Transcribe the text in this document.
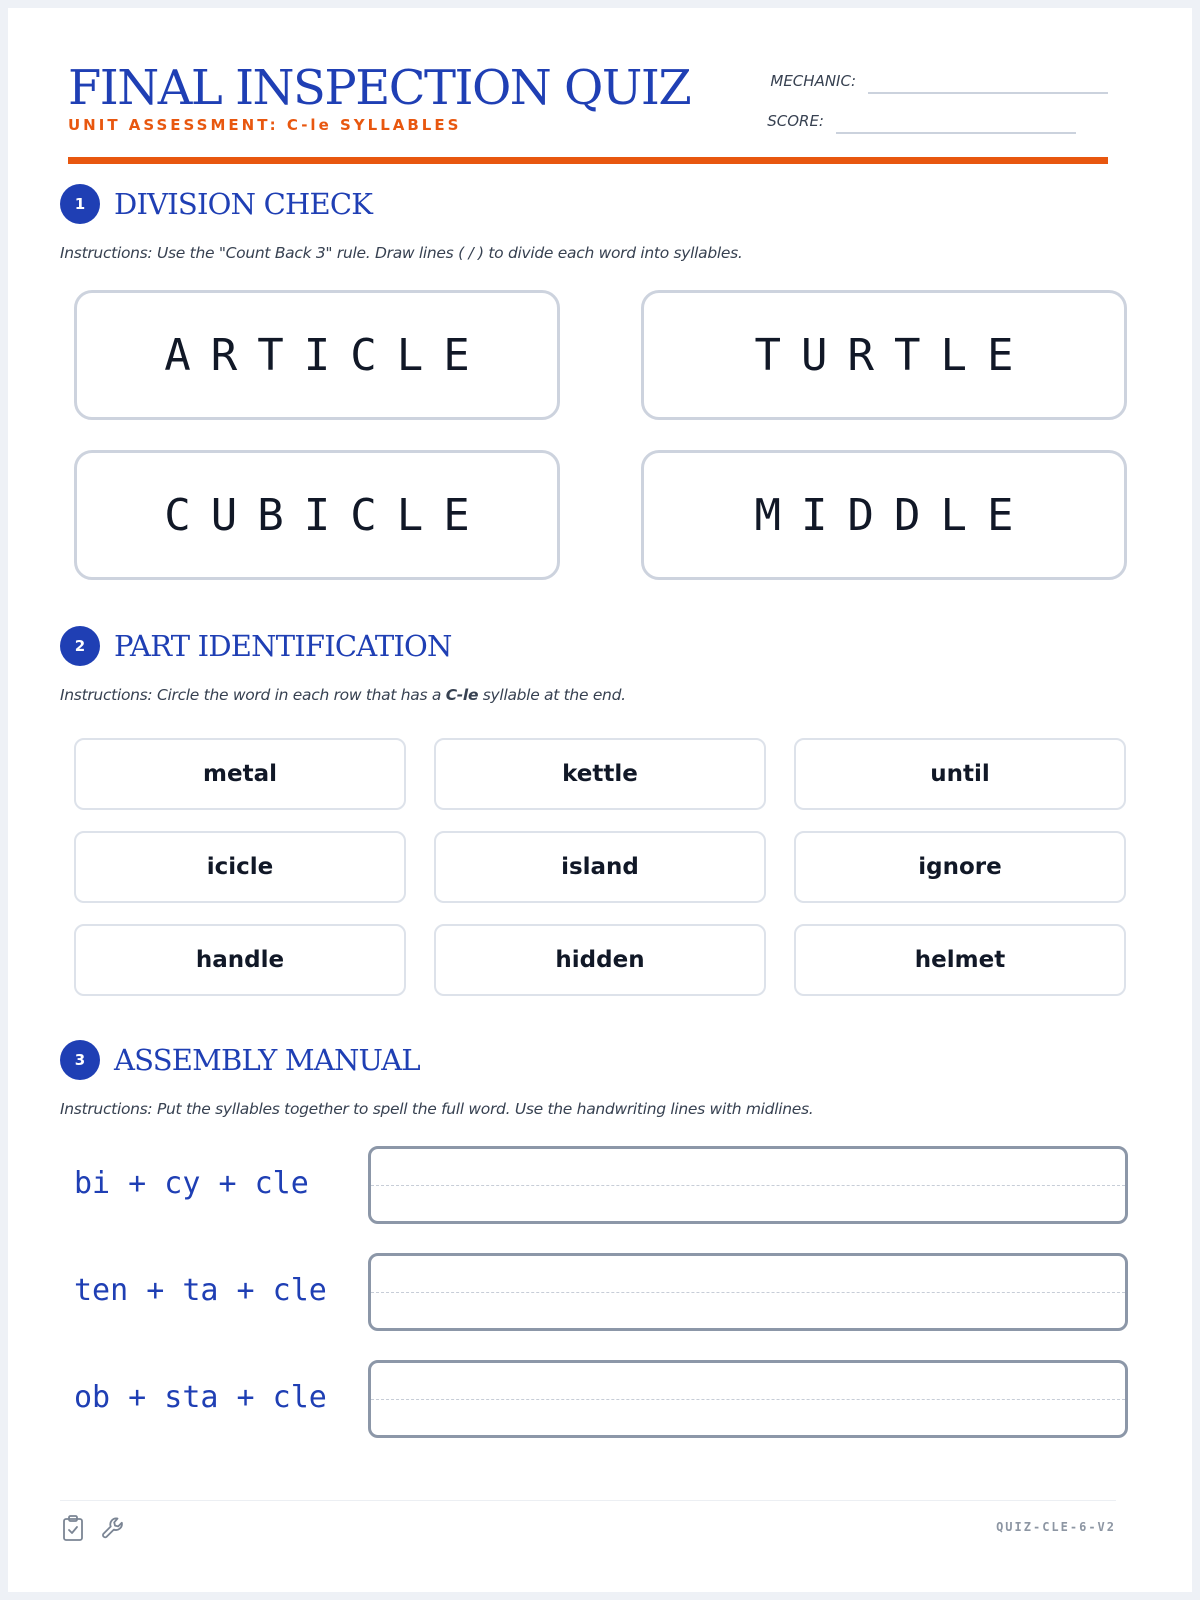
FINAL INSPECTION QUIZ
UNIT ASSESSMENT: C-le SYLLABLES
MECHANIC:
SCORE:
1 DIVISION CHECK
Instructions: Use the "Count Back 3" rule. Draw lines ( / ) to divide each word into syllables.
ARTICLE	TURTLE
CUBICLE	MIDDLE
2 PART IDENTIFICATION
Instructions: Circle the word in each row that has a C-le syllable at the end.
metal	kettle	until
icicle	island	ignore
handle	hidden	helmet
3 ASSEMBLY MANUAL
Instructions: Put the syllables together to spell the full word. Use the handwriting lines with midlines.
bi + cy + cle
ten + ta + cle
ob + sta + cle
QUIZ-CLE-6-V2
